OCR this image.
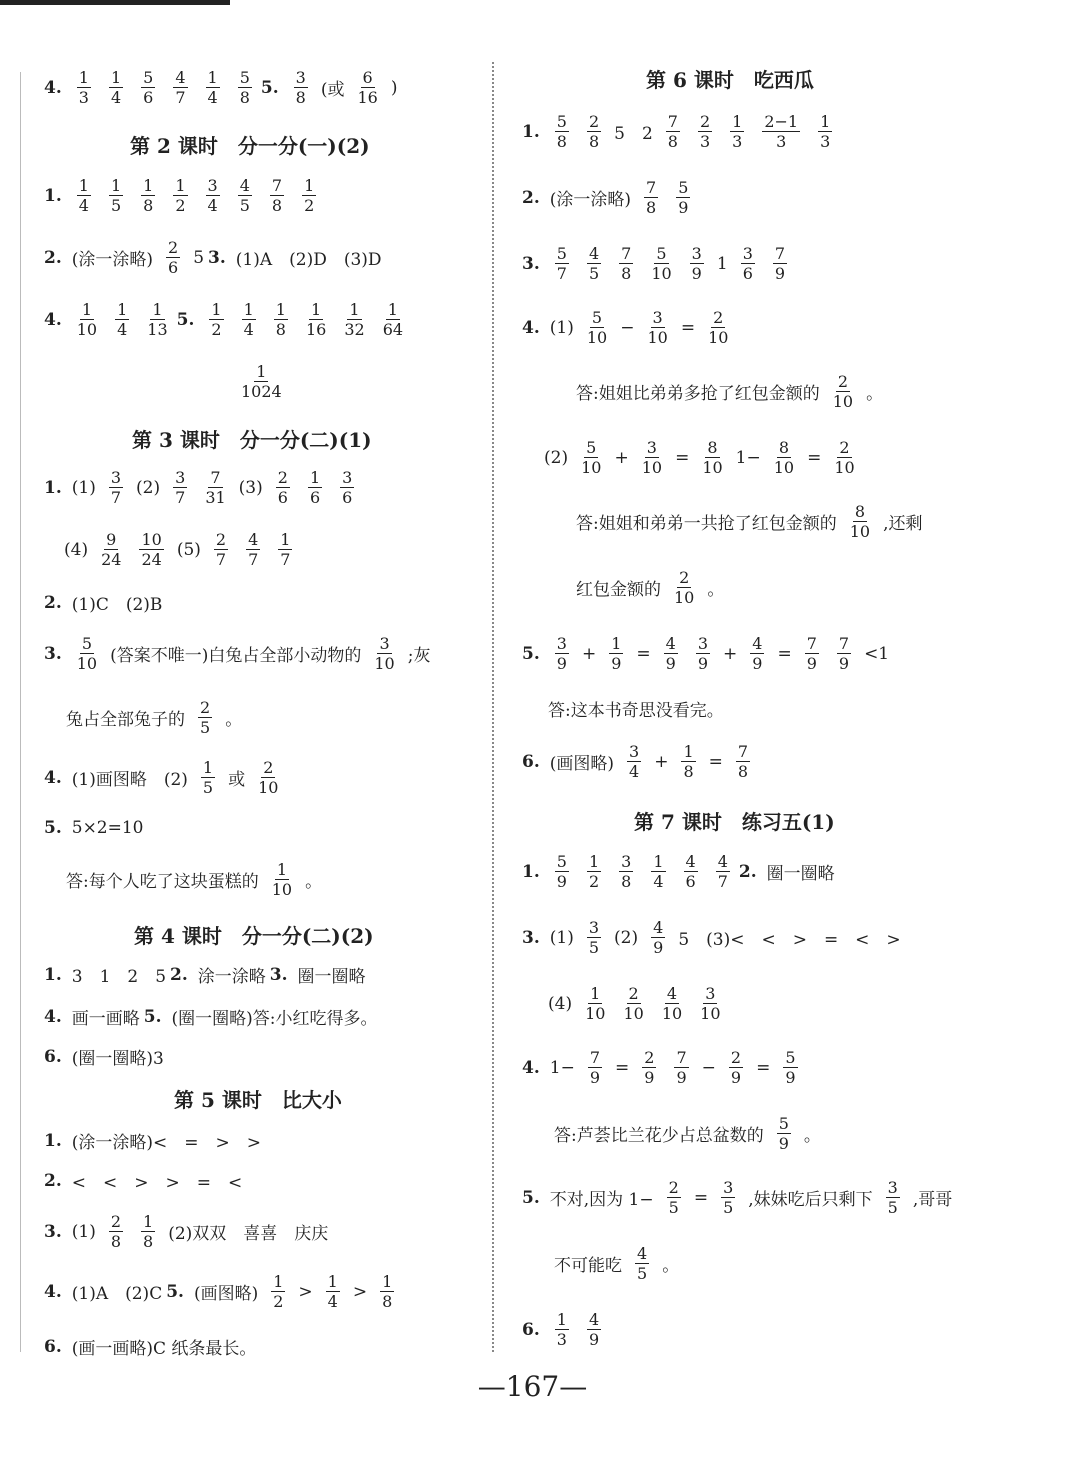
4. $\frac{1}{3} \frac{1}{4} \frac{5}{6} \frac{4}{7} \frac{1}{4} \frac{5}{8} 5$. $\frac{3}{8}$ (或 $\frac{6}{16}$ )
第 2 课时　分一分(一)(2)
1. $\frac{1}{4} \frac{1}{5} \frac{1}{8} \frac{1}{2} \frac{3}{4} \frac{4}{5} \frac{7}{8} \frac{1}{2}$
2. (涂一涂略) $\frac{2}{6} 5$ 3. (1)A　(2)D　(3)D
4. $\frac{1}{10} \frac{1}{4} \frac{1}{13} 5$. $\frac{1}{2} \frac{1}{4} \frac{1}{8} \frac{1}{16} \frac{1}{32} \frac{1}{64}$
$\frac{1}{1024}$
第 3 课时　分一分(二)(1)
1. $(1) \frac{3}{7} (2) \frac{3}{7} \frac{7}{31} (3) \frac{2}{6} \frac{1}{6} \frac{3}{6}$
$(4) \frac{9}{24} \frac{10}{24} (5) \frac{2}{7} \frac{4}{7} \frac{1}{7}$
2. (1)C　(2)B
3. $\frac{5}{10}$ (答案不唯一)白兔占全部小动物的 $\frac{3}{10}$ ;灰
兔占全部兔子的 $\frac{2}{5}$ 。
4. (1)画图略　$(2) \frac{1}{5}$ 或 $\frac{2}{10}$
5. 5×2=10
答:每个人吃了这块蛋糕的 $\frac{1}{10}$ 。
第 4 课时　分一分(二)(2)
1. 3　1　2　5 2. 涂一涂略 3. 圈一圈略
4. 画一画略 5. (圈一圈略)答:小红吃得多。
6. (圈一圈略)3
第 5 课时　比大小
1. (涂一涂略)<　=　>　>
2. <　<　>　>　=　<
3. $(1) \frac{2}{8} \frac{1}{8} (2)$双双　喜喜　庆庆
4. (1)A　(2)C 5. (画图略) $\frac{1}{2} > \frac{1}{4} > \frac{1}{8}$
6. (画一画略)C 纸条最长。
第 6 课时　吃西瓜
1. $\frac{5}{8} \frac{2}{8} 5$　$2 \frac{7}{8} \frac{2}{3} \frac{1}{3} \frac{2-1}{3} \frac{1}{3}$
2. (涂一涂略) $\frac{7}{8} \frac{5}{9}$
3. $\frac{5}{7} \frac{4}{5} \frac{7}{8} \frac{5}{10} \frac{3}{9} 1 \frac{3}{6} \frac{7}{9}$
4. $(1) \frac{5}{10} - \frac{3}{10} = \frac{2}{10}$
答:姐姐比弟弟多抢了红包金额的 $\frac{2}{10}$ 。
$(2) \frac{5}{10} + \frac{3}{10} = \frac{8}{10} 1- \frac{8}{10} = \frac{2}{10}$
答:姐姐和弟弟一共抢了红包金额的 $\frac{8}{10}$ ,还剩
红包金额的 $\frac{2}{10}$ 。
5. $\frac{3}{9} + \frac{1}{9} = \frac{4}{9} \frac{3}{9} + \frac{4}{9} = \frac{7}{9} \frac{7}{9} <1$
答:这本书奇思没看完。
6. (画图略) $\frac{3}{4} + \frac{1}{8} = \frac{7}{8}$
第 7 课时　练习五(1)
1. $\frac{5}{9} \frac{1}{2} \frac{3}{8} \frac{1}{4} \frac{4}{6} \frac{4}{7} 2$. 圈一圈略
3. $(1) \frac{3}{5} (2) \frac{4}{9} 5$　(3)<　<　>　=　<　>
$(4) \frac{1}{10} \frac{2}{10} \frac{4}{10} \frac{3}{10}$
4. $1- \frac{7}{9} = \frac{2}{9} \frac{7}{9} - \frac{2}{9} = \frac{5}{9}$
答:芦荟比兰花少占总盆数的 $\frac{5}{9}$ 。
5. 不对,因为 $1- \frac{2}{5} = \frac{3}{5}$ ,妹妹吃后只剩下 $\frac{3}{5}$ ,哥哥
不可能吃 $\frac{4}{5}$ 。
6. $\frac{1}{3} \frac{4}{9}$
—167—
